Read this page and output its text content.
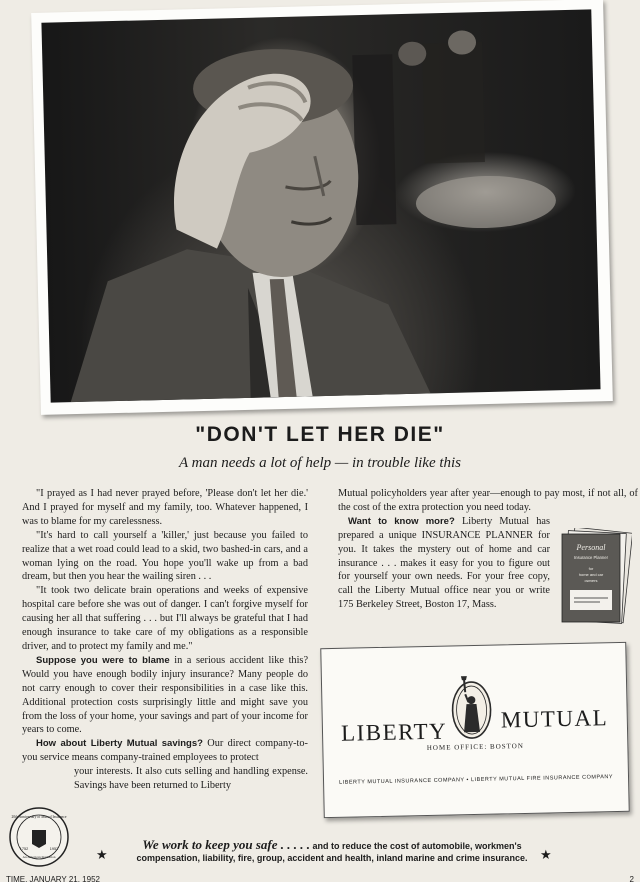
"DON'T LET HER DIE"
A man needs a lot of help — in trouble like this

"I prayed as I had never prayed before, 'Please don't let her die.' And I prayed for myself and my family, too. Whatever happened, I was to blame for my carelessness.

"It's hard to call yourself a 'killer,' just because you failed to realize that a wet road could lead to a skid, two bashed-in cars, and a woman lying on the road. You hope you'll wake up from a bad dream, but then you hear the wailing siren . . .

"It took two delicate brain operations and weeks of expensive hospital care before she was out of danger. I can't forgive myself for causing her all that suffering . . . but I'll always be grateful that I had enough insurance to take care of my obligations as a responsible driver, and to protect my family and me."

Suppose you were to blame in a serious accident like this? Would you have enough bodily injury insurance? Many people do not carry enough to cover their responsibilities in a case like this. Additional protection costs surprisingly little and might save you from the loss of your home, your savings and part of your income for years to come.

How about Liberty Mutual savings? Our direct company-to-you service means company-trained employees to protect

your interests. It also cuts selling and handling expense. Savings have been returned to Liberty

Mutual policyholders year after year—enough to pay most, if not all, of the cost of the extra protection you need today.

Want to know more? Liberty Mutual has prepared a unique INSURANCE PLANNER for you. It takes the mystery out of home and car insurance . . . makes it easy for you to figure out for yourself your own needs. For your free copy, call the Liberty Mutual office near you or write 175 Berkeley Street, Boston 17, Mass.

Personal
Insurance Planner
for
home and car
owners
LIBERTY MUTUAL
HOME OFFICE: BOSTON
LIBERTY MUTUAL INSURANCE COMPANY • LIBERTY MUTUAL FIRE INSURANCE COMPANY
20th Anniversary of Mutual Insurance
1752	1952
An American Institution	★	★
We work to keep you safe . . . . . and to reduce the cost of automobile, workmen's
compensation, liability, fire, group, accident and health, inland marine and crime insurance.
TIME, JANUARY 21, 1952	2
